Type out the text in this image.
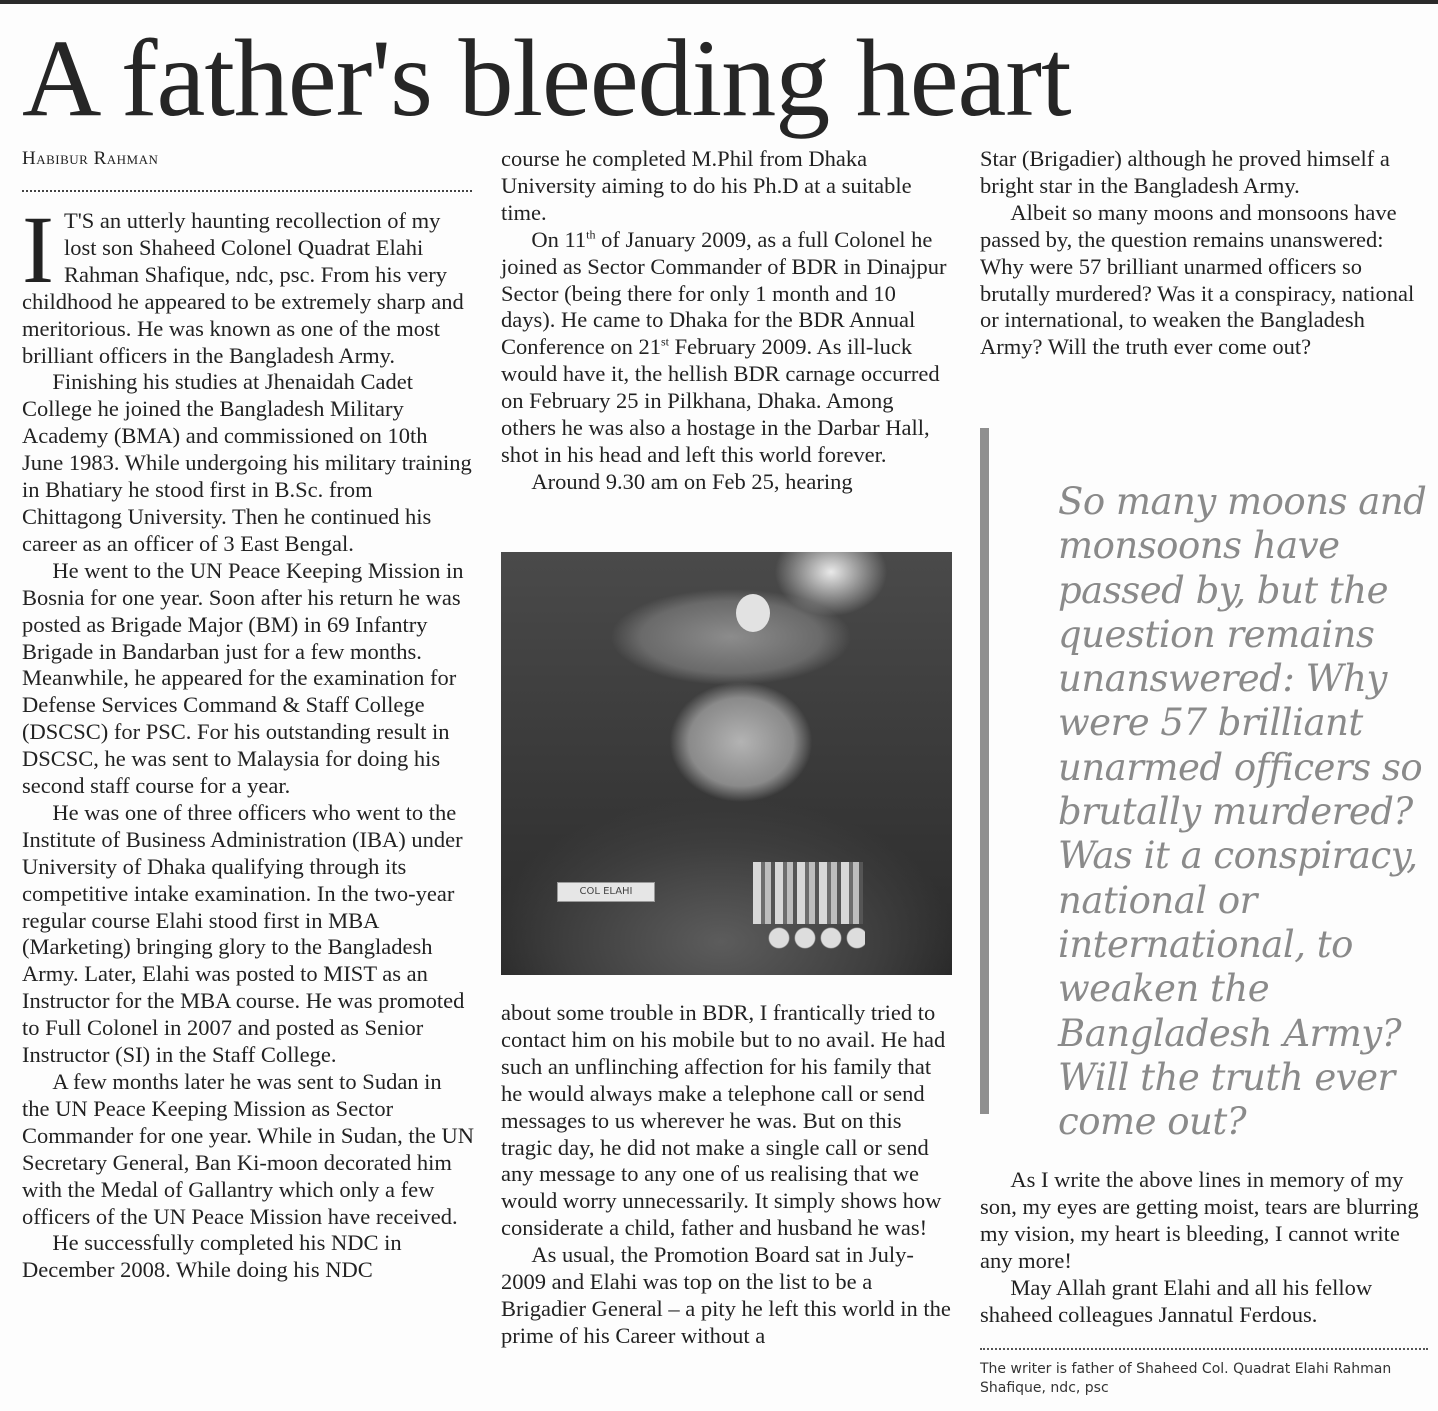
A father's bleeding heart
Habibur Rahman

I T'S an utterly haunting recollection of my lost son Shaheed Colonel Quadrat Elahi Rahman Shafique, ndc, psc. From his very childhood he appeared to be extremely sharp and meritorious. He was known as one of the most brilliant officers in the Bangladesh Army.

Finishing his studies at Jhenaidah Cadet College he joined the Bangladesh Military Academy (BMA) and commissioned on 10th June 1983. While undergoing his military training in Bhatiary he stood first in B.Sc. from Chittagong University. Then he continued his career as an officer of 3 East Bengal.

He went to the UN Peace Keeping Mission in Bosnia for one year. Soon after his return he was posted as Brigade Major (BM) in 69 Infantry Brigade in Bandarban just for a few months. Meanwhile, he appeared for the examination for Defense Services Command & Staff College (DSCSC) for PSC. For his outstanding result in DSCSC, he was sent to Malaysia for doing his second staff course for a year.

He was one of three officers who went to the Institute of Business Administration (IBA) under University of Dhaka qualifying through its competitive intake examination. In the two-year regular course Elahi stood first in MBA (Marketing) bringing glory to the Bangladesh Army. Later, Elahi was posted to MIST as an Instructor for the MBA course. He was promoted to Full Colonel in 2007 and posted as Senior Instructor (SI) in the Staff College.

A few months later he was sent to Sudan in the UN Peace Keeping Mission as Sector Commander for one year. While in Sudan, the UN Secretary General, Ban Ki-moon decorated him with the Medal of Gallantry which only a few officers of the UN Peace Mission have received.

He successfully completed his NDC in December 2008. While doing his NDC

course he completed M.Phil from Dhaka University aiming to do his Ph.D at a suitable time.

On 11th of January 2009, as a full Colonel he joined as Sector Commander of BDR in Dinajpur Sector (being there for only 1 month and 10 days). He came to Dhaka for the BDR Annual Conference on 21st February 2009. As ill-luck would have it, the hellish BDR carnage occurred on February 25 in Pilkhana, Dhaka. Among others he was also a hostage in the Darbar Hall, shot in his head and left this world forever.

Around 9.30 am on Feb 25, hearing

COL ELAHI

about some trouble in BDR, I frantically tried to contact him on his mobile but to no avail. He had such an unflinching affection for his family that he would always make a telephone call or send messages to us wherever he was. But on this tragic day, he did not make a single call or send any message to any one of us realising that we would worry unnecessarily. It simply shows how considerate a child, father and husband he was!

As usual, the Promotion Board sat in July- 2009 and Elahi was top on the list to be a Brigadier General – a pity he left this world in the prime of his Career without a

Star (Brigadier) although he proved himself a bright star in the Bangladesh Army.

Albeit so many moons and monsoons have passed by, the question remains unanswered: Why were 57 brilliant unarmed officers so brutally murdered? Was it a conspiracy, national or international, to weaken the Bangladesh Army? Will the truth ever come out?

So many moons and monsoons have passed by, but the question remains unanswered: Why were 57 brilliant unarmed officers so brutally murdered? Was it a conspiracy, national or international, to weaken the Bangladesh Army? Will the truth ever come out?

As I write the above lines in memory of my son, my eyes are getting moist, tears are blurring my vision, my heart is bleeding, I cannot write any more!

May Allah grant Elahi and all his fellow shaheed colleagues Jannatul Ferdous.

The writer is father of Shaheed Col. Quadrat Elahi Rahman Shafique, ndc, psc
